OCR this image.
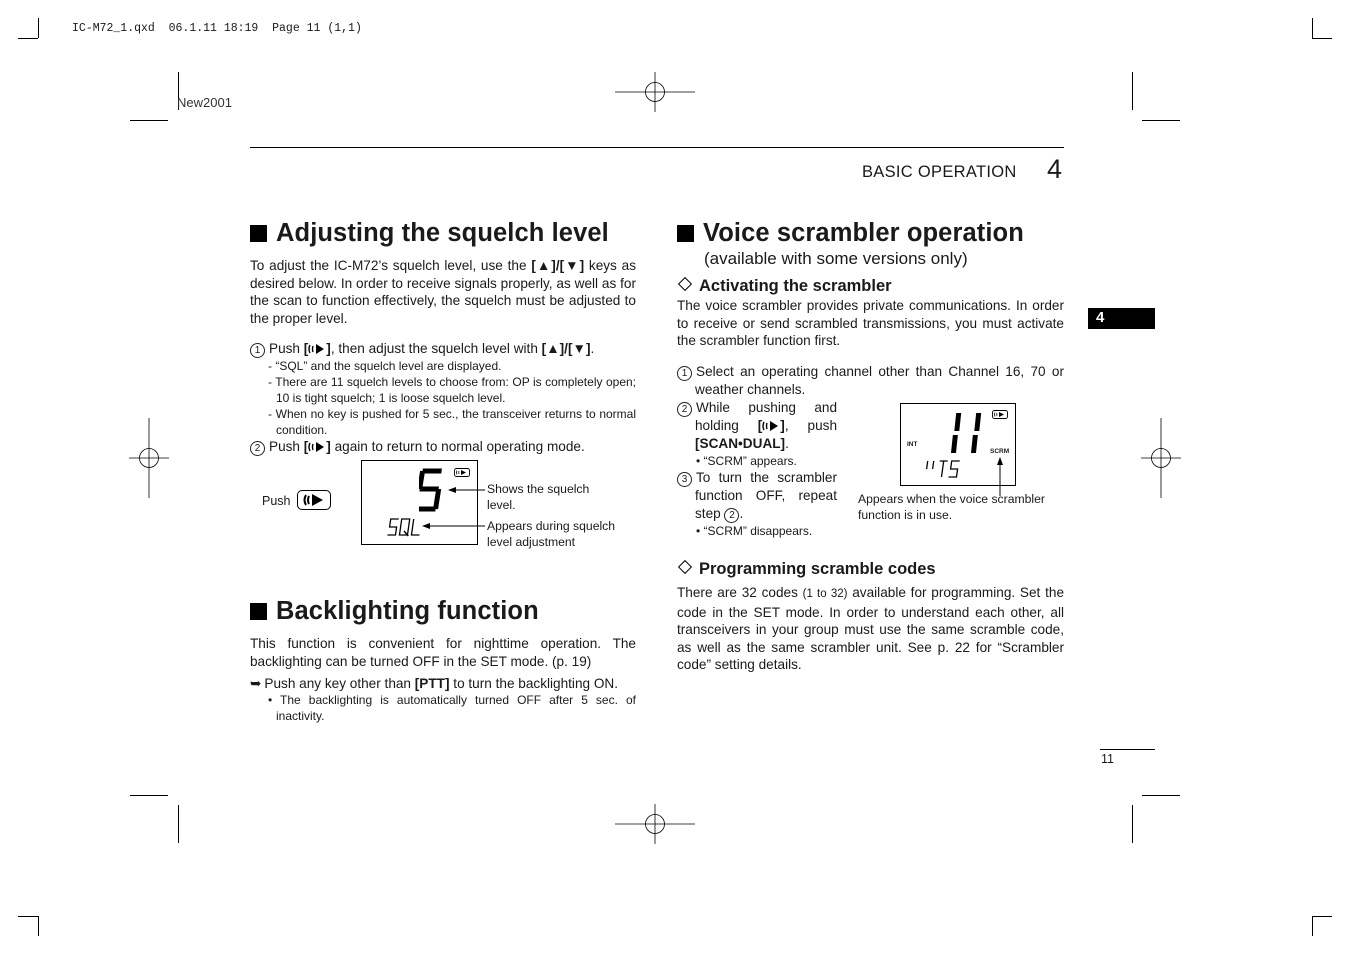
IC-M72_1.qxd  06.1.11 18:19  Page 11 (1,1)
New2001
BASIC OPERATION 4
4
11
Adjusting the squelch level
To adjust the IC-M72’s squelch level, use the [▲]/[▼] keys as desired below. In order to receive signals properly, as well as for the scan to function effectively, the squelch must be adjusted to the proper level.
1 Push [ ], then adjust the squelch level with [▲]/[▼].
- “SQL” and the squelch level are displayed.
- There are 11 squelch levels to choose from: OP is completely open; 10 is tight squelch; 1 is loose squelch level.
- When no key is pushed for 5 sec., the transceiver returns to normal condition.
2 Push [ ] again to return to normal operating mode.
Push
Shows the squelch level.
Appears during squelch level adjustment
Backlighting function
This function is convenient for nighttime operation. The backlighting can be turned OFF in the SET mode. (p. 19)
➥ Push any key other than [PTT] to turn the backlighting ON.
• The backlighting is automatically turned OFF after 5 sec. of inactivity.
Voice scrambler operation
(available with some versions only)
Activating the scrambler
The voice scrambler provides private communications. In order to receive or send scrambled transmissions, you must activate the scrambler function first.
1 Select an operating channel other than Channel 16, 70 or weather channels.
2 While pushing and holding [ ], push [SCAN•DUAL].
• “SCRM” appears.
3 To turn the scrambler function OFF, repeat step 2 .
• “SCRM” disappears.
INT
SCRM
Appears when the voice scrambler function is in use.
Programming scramble codes
There are 32 codes (1 to 32) available for programming. Set the code in the SET mode. In order to understand each other, all transceivers in your group must use the same scramble code, as well as the same scrambler unit. See p. 22 for “Scrambler code” setting details.
